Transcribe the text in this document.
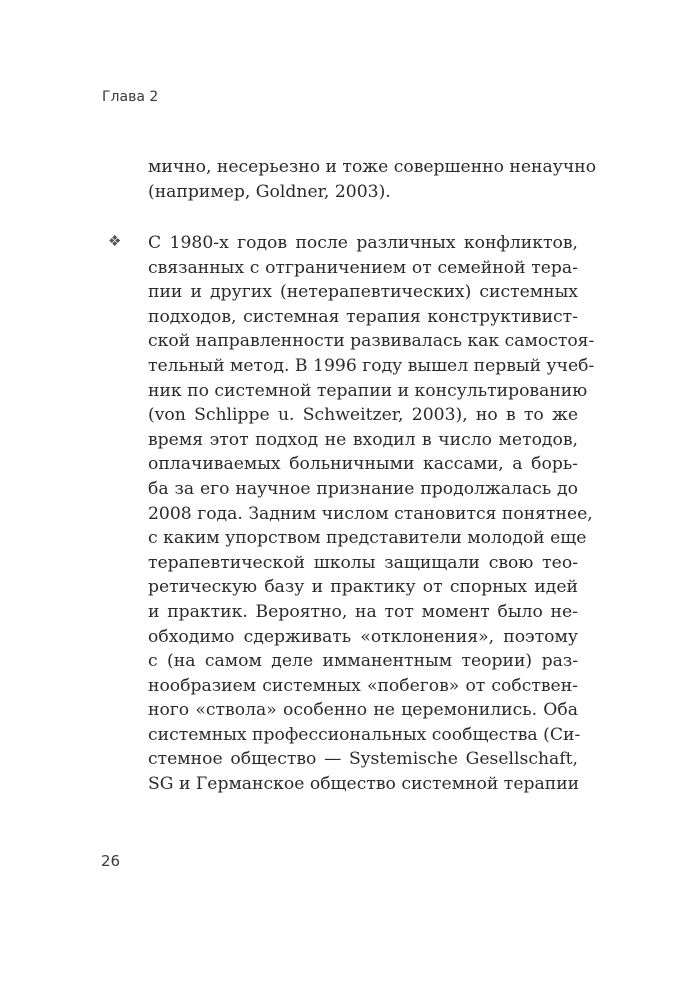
Глава 2
мично, несерьезно и тоже совершенно ненаучно
(например, Goldner, 2003).
❖ С 1980-х годов после различных конфликтов,
связанных с отграничением от семейной тера-
пии и других (нетерапевтических) системных
подходов, системная терапия конструктивист-
ской направленности развивалась как самостоя-
тельный метод. В 1996 году вышел первый учеб-
ник по системной терапии и консультированию
(von Schlippe u. Schweitzer, 2003), но в то же
время этот подход не входил в число методов,
оплачиваемых больничными кассами, а борь-
ба за его научное признание продолжалась до
2008 года. Задним числом становится понятнее,
с каким упорством представители молодой еще
терапевтической школы защищали свою тео-
ретическую базу и практику от спорных идей
и практик. Вероятно, на тот момент было не-
обходимо сдерживать «отклонения», поэтому
с (на самом деле имманентным теории) раз-
нообразием системных «побегов» от собствен-
ного «ствола» особенно не церемонились. Оба
системных профессиональных сообщества (Си-
стемное общество — Systemische Gesellschaft,
SG и Германское общество системной терапии
26
